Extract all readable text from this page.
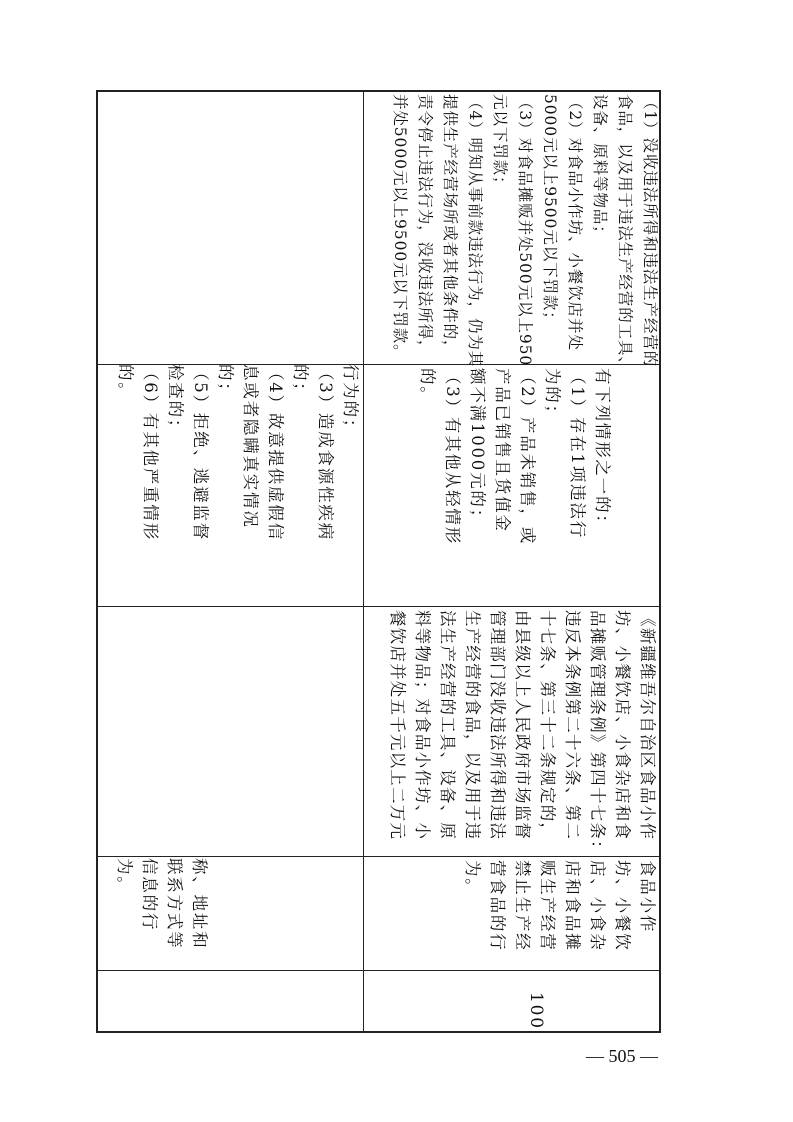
称、地址和
联系方式等
信息的行
为。
行为的；
（3）造成食源性疾病
的；
（4）故意提供虚假信
息或者隐瞒真实情况
的；
（5）拒绝、逃避监督
检查的；
（6）有其他严重情形
的。
100
食品小作
坊、小餐饮
店、小食杂
店和食品摊
贩生产经营
禁止生产经
营食品的行
为。
《新疆维吾尔自治区食品小作
坊、小餐饮店、小食杂店和食
品摊贩管理条例》第四十七条：
违反本条例第二十六条、第二
十七条、第三十二条规定的，
由县级以上人民政府市场监督
管理部门没收违法所得和违法
生产经营的食品，以及用于违
法生产经营的工具、设备、原
料等物品；对食品小作坊、小
餐饮店并处五千元以上二万元
有下列情形之一的：
（1）存在1项违法行
为的；
（2）产品未销售，或
产品已销售且货值金
额不满1000元的；
（3）有其他从轻情形
的。
（1）没收违法所得和违法生产经营的
食品，以及用于违法生产经营的工具、
设备、原料等物品；
（2）对食品小作坊、小餐饮店并处
5000元以上9500元以下罚款；
（3）对食品摊贩并处500元以上950
元以下罚款；
（4）明知从事前款违法行为，仍为其
提供生产经营场所或者其他条件的，
责令停止违法行为，没收违法所得，
并处5000元以上9500元以下罚款。
— 505 —
